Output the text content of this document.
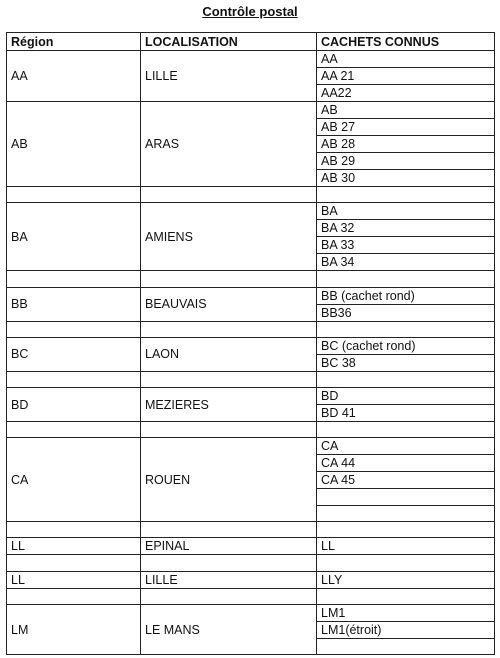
Contrôle postal
Région	LOCALISATION	CACHETS CONNUS
AA	LILLE	AA
		AA 21
		AA22
AB	ARAS	AB
		AB 27
		AB 28
		AB 29
		AB 30

BA	AMIENS	BA
		BA 32
		BA 33
		BA 34

BB	BEAUVAIS	BB (cachet rond)
		BB36

BC	LAON	BC (cachet rond)
		BC 38

BD	MEZIERES	BD
		BD 41

CA	ROUEN	CA
		CA 44
		CA 45

LL	EPINAL	LL

LL	LILLE	LLY

LM	LE MANS	LM1
		LM1(étroit)
